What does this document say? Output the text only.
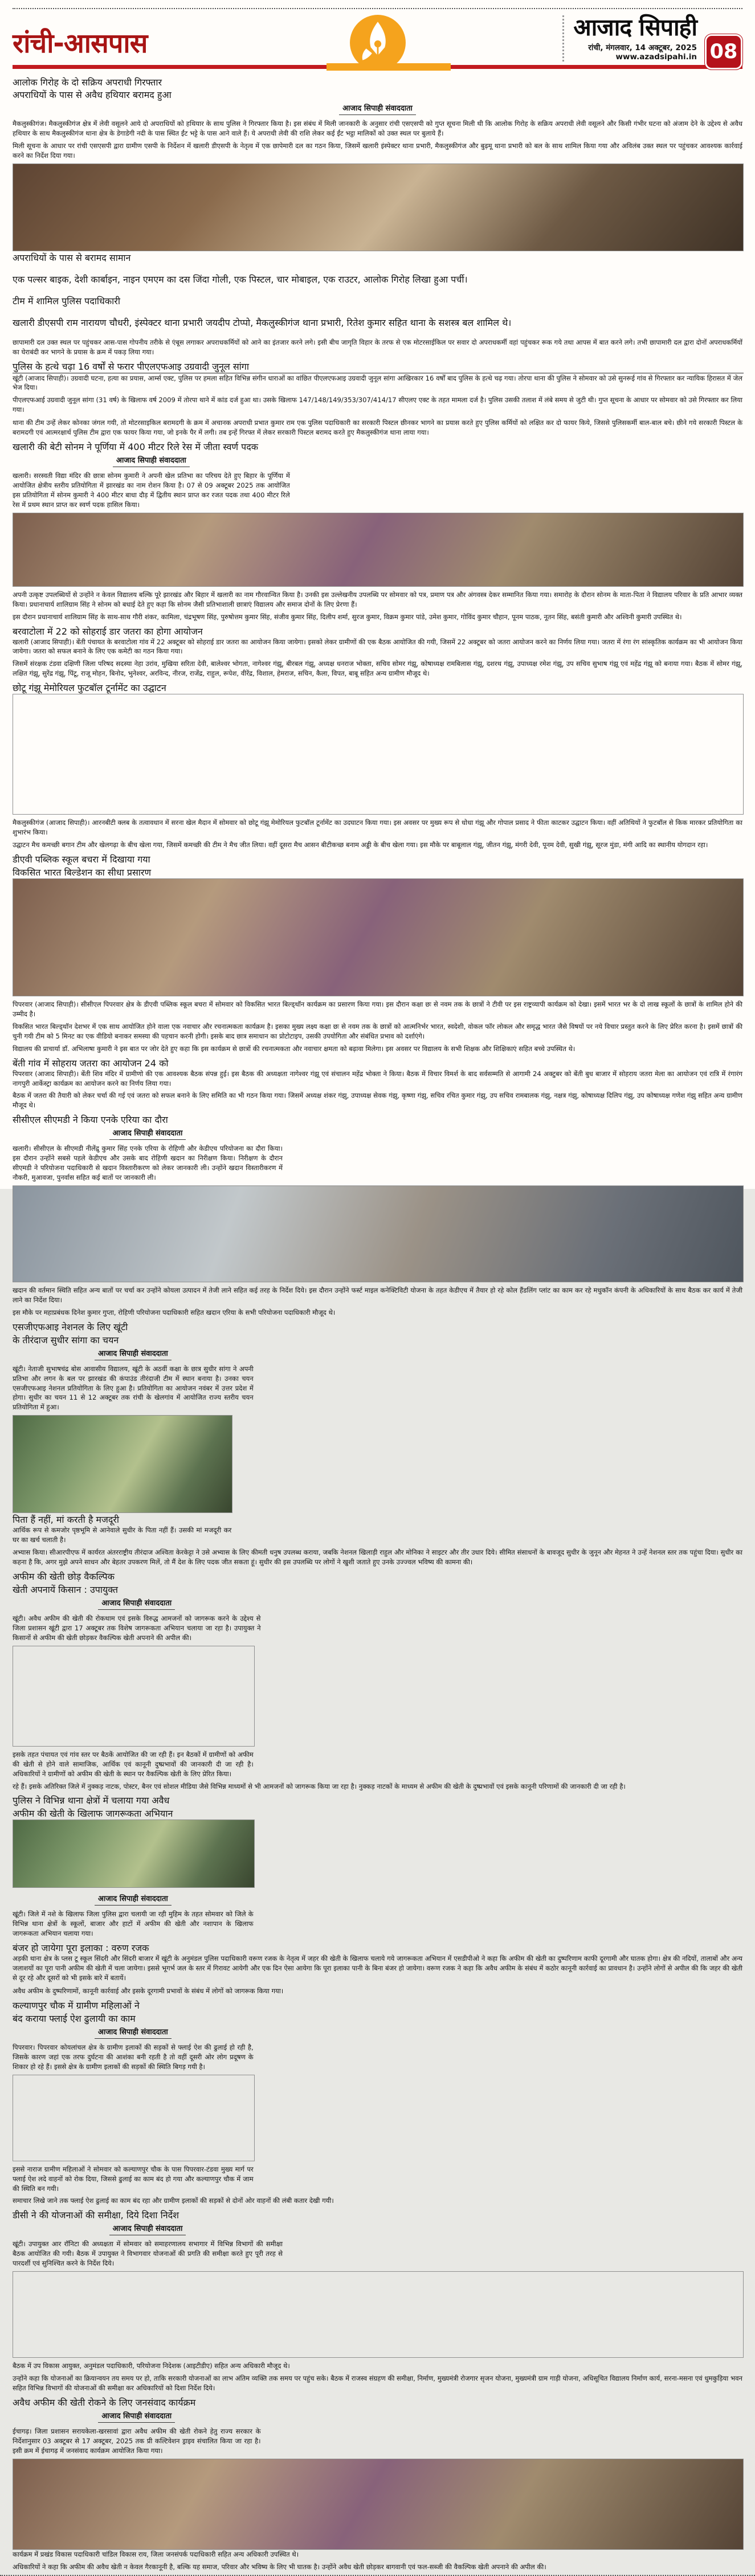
रांची-आसपास
आजाद सिपाही
रांची, मंगलवार, 14 अक्टूबर, 2025
www.azadsipahi.in 08
आलोक गिरोह के दो सक्रिय अपराधी गिरफ्तार
अपराधियों के पास से अवैध हथियार बरामद हुआ
आजाद सिपाही संवाददाता

मैकलुस्कीगंज। मैकलुस्कीगंज क्षेत्र में लेवी वसूलने आये दो अपराधियों को हथियार के साथ पुलिस ने गिरफ्तार किया है। इस संबंध में मिली जानकारी के अनुसार रांची एसएसपी को गुप्त सूचना मिली थी कि आलोक गिरोह के सक्रिय अपराधी लेवी वसूलने और किसी गंभीर घटना को अंजाम देने के उद्देश्य से अवैध हथियार के साथ मैकलुस्कीगंज थाना क्षेत्र के डेगाडेगी नदी के पास स्थित ईंट भट्टे के पास आने वाले हैं। ये अपराधी लेवी की राशि लेकर कई ईंट भट्ठा मालिकों को उक्त स्थल पर बुलाये हैं।

मिली सूचना के आधार पर रांची एसएसपी द्वारा ग्रामीण एसपी के निर्देशन में खलारी डीएसपी के नेतृत्व में एक छापेमारी दल का गठन किया, जिसमें खलारी इंस्पेक्टर थाना प्रभारी, मैकलुस्कीगंज और बुढ़मू थाना प्रभारी को बल के साथ शामिल किया गया और अविलंब उक्त स्थल पर पहुंचकर आवश्यक कार्रवाई करने का निर्देश दिया गया।

अपराधियों के पास से बरामद सामान

एक पल्सर बाइक, देशी कार्बाइन, नाइन एमएम का दस जिंदा गोली, एक पिस्टल, चार मोबाइल, एक राउटर, आलोक गिरोह लिखा हुआ पर्ची।

टीम में शामिल पुलिस पदाधिकारी

खलारी डीएसपी राम नारायण चौधरी, इंस्पेक्टर थाना प्रभारी जयदीप टोप्पो, मैकलुस्कीगंज थाना प्रभारी, रितेश कुमार सहित थाना के सशस्त्र बल शामिल थे।

छापामारी दल उक्त स्थल पर पहुंचकर आस-पास गोपनीय तरीके से एंबूस लगाकर अपराधकर्मियों को आने का इंतजार करने लगे। इसी बीच जागृति विहार के तरफ से एक मोटरसाईकिल पर सवार दो अपराधकर्मी वहां पहुंचकर रूक गये तथा आपस में बात करने लगे। तभी छापामारी दल द्वारा दोनों अपराधकर्मियों का घेराबंदी कर भागने के प्रयास के क्रम में पकड़ लिया गया।

पुलिस के हत्थे चढ़ा 16 वर्षों से फरार पीएलएफआइ उग्रवादी जुनूल सांगा

खूंटी (आजाद सिपाही)। उग्रवादी घटना, हत्या का प्रयास, आर्म्स एक्ट, पुलिस पर हमला सहित विभिन्न संगीन धाराओं का वांछित पीएलएफआइ उग्रवादी जुनूल सांगा आखिरकार 16 वर्षों बाद पुलिस के हत्थे चढ़ गया। तोरपा थाना की पुलिस ने सोमवार को उसे सुनरूई गांव से गिरफ्तार कर न्यायिक हिरासत में जेल भेज दिया।

पीएलएफआई उग्रवादी जुनूल सांगा (31 वर्ष) के खिलाफ वर्ष 2009 में तोरपा थाने में कांड दर्ज हुआ था। उसके खिलाफ 147/148/149/353/307/414/17 सीएलए एक्ट के तहत मामला दर्ज है। पुलिस उसकी तलाश में लंबे समय से जुटी थी। गुप्त सूचना के आधार पर सोमवार को उसे गिरफ्तार कर लिया गया।

थाना की टीम उन्हें लेकर कोनका जंगल गयी, तो मोटरसाइकिल बरामदगी के क्रम में अचानक अपराधी प्रभात कुमार राम एक पुलिस पदाधिकारी का सरकारी पिस्टल छीनकर भागने का प्रयास करते हुए पुलिस कर्मियों को लक्षित कर दो फायर किये, जिससे पुलिसकर्मी बाल-बाल बचे। छीने गये सरकारी पिस्टल के बरामदगी एवं आत्मरक्षार्थ पुलिस टीम द्वारा एक फायर किया गया, जो इनके पैर में लगी। तब इन्हें गिरफ्त में लेकर सरकारी पिस्टल बरामद करते हुए मैकलुस्कीगंज थाना लाया गया।

खलारी की बेटी सोनम ने पूर्णिया में 400 मीटर रिले रेस में जीता स्वर्ण पदक
आजाद सिपाही संवाददाता

खलारी। सरस्वती विद्या मंदिर की छात्रा सोनम कुमारी ने अपनी खेल प्रतिभा का परिचय देते हुए बिहार के पूर्णिया में आयोजित क्षेत्रीय स्तरीय प्रतियोगिता में झारखंड का नाम रोशन किया है। 07 से 09 अक्टूबर 2025 तक आयोजित इस प्रतियोगिता में सोनम कुमारी ने 400 मीटर बाधा दौड़ में द्वितीय स्थान प्राप्त कर रजत पदक तथा 400 मीटर रिले रेस में प्रथम स्थान प्राप्त कर स्वर्ण पदक हासिल किया।

अपनी उत्कृष्ट उपलब्धियों से उन्होंने न केवल विद्यालय बल्कि पूरे झारखंड और बिहार में खलारी का नाम गौरवान्वित किया है। उनकी इस उल्लेखनीय उपलब्धि पर सोमवार को पत्र, प्रमाण पत्र और अंगवस्त्र देकर सम्मानित किया गया। समारोह के दौरान सोनम के माता-पिता ने विद्यालय परिवार के प्रति आभार व्यक्त किया। प्रधानाचार्य शालिग्राम सिंह ने सोनम को बधाई देते हुए कहा कि सोनम जैसी प्रतिभाशाली छात्राएं विद्यालय और समाज दोनों के लिए प्रेरणा हैं।

इस दौरान प्रधानाचार्य शालिग्राम सिंह के साथ-साथ गौरी शंकर, कामिला, चंद्रभूषण सिंह, पुरुषोत्तम कुमार सिंह, संजीव कुमार सिंह, दिलीप शर्मा, सुरज कुमार, विक्रम कुमार पांडे, उमेश कुमार, गोविंद कुमार चौहान, पूनम पाठक, नूतन सिंह, बसंती कुमारी और अश्विनी कुमारी उपस्थित थे।

बरवाटोला में 22 को सोहराई डार जतरा का होगा आयोजन

खलारी (आजाद सिपाही)। बेंती पंचायत के बरवाटोला गांव में 22 अक्टूबर को सोहराई डार जतरा का आयोजन किया जायेगा। इसको लेकर ग्रामीणों की एक बैठक आयोजित की गयी, जिसमें 22 अक्टूबर को जतरा आयोजन करने का निर्णय लिया गया। जतरा में रंगा रंग सांस्कृतिक कार्यक्रम का भी आयोजन किया जायेगा। जतरा को सफल बनाने के लिए एक कमेटी का गठन किया गया।

जिसमें संरक्षक टंडवा दक्षिणी जिला परिषद सदस्या नेहा उरांव, मुखिया सरिता देवी, बालेश्वर भोगता, नागेश्वर गंझू, बीरबल गंझू, अध्यक्ष धनराज भोक्ता, सचिव सोमर गंझू, कोषाध्यक्ष रामबिलास गंझू, दशरथ गंझू, उपाध्यक्ष रमेश गंझू, उप सचिव सुभाष गंझू एवं महेंद्र गंझू को बनाया गया। बैठक में सोमर गंझू, लक्षित गंझू, सुरेंद्र गंझू, पिंटू, राजू मोहन, बिनोद, भुनेश्वर, अरविन्द, नीरज, राजेंद्र, राहुल, रूपेश, वीरेंद्र, विशाल, हेमराज, सचिन, कैला, विपत, बाबू सहित अन्य ग्रामीण मौजूद थे।

छोटू गंझू मेमोरियल फुटबॉल टूर्नामेंट का उद्घाटन

मैकलुस्कीगंज (आजाद सिपाही)। आरनबीटी क्लब के तत्वावधान में सरना खेल मैदान में सोमवार को छोटू गंझू मेमोरियल फुटबॉल टूर्नामेंट का उदघाटन किया गया। इस अवसर पर मुख्य रूप से धोधा गंझू और गोपाल प्रसाद ने फीता काटकर उद्घाटन किया। वहीं अतिथियों ने फुटबॉल से किक मारकर प्रतियोगिता का शुभारंभ किया।

उद्घाटन मैच कमच्छी बगान टीम और खेलगढ़ा के बीच खेला गया, जिसमें कमच्छी की टीम ने मैच जीत लिया। वहीं दूसरा मैच आसन बीटीकच्छ बनाम अड्डी के बीच खेला गया। इस मौके पर बाबूलाल गंझू, जीतन गंझू, मंगरी देवी, पूनम देवी, सुखी गंझू, सूरज मुंडा, मंगी आदि का स्थानीय योगदान रहा।

डीएवी पब्लिक स्कूल बचरा में दिखाया गया
विकसित भारत बिल्डेशन का सीधा प्रसारण

पिपरवार (आजाद सिपाही)। सीसीएल पिपरवार क्षेत्र के डीएवी पब्लिक स्कूल बचरा में सोमवार को विकसित भारत बिल्ड्थॉन कार्यक्रम का प्रसारण किया गया। इस दौरान कक्षा छः से नवम तक के छात्रों ने टीवी पर इस राष्ट्रव्यापी कार्यक्रम को देखा। इसमें भारत भर के दो लाख स्कूलों के छात्रों के शामिल होने की उम्मीद है।

विकसित भारत बिल्ड्थॉन देशभर में एक साथ आयोजित होने वाला एक नवाचार और रचनात्मकता कार्यक्रम है। इसका मुख्य लक्ष्य कक्षा छः से नवम तक के छात्रों को आत्मनिर्भर भारत, स्वदेशी, वोकल फॉर लोकल और समृद्ध भारत जैसे विषयों पर नये विचार प्रस्तुत करने के लिए प्रेरित करना है। इसमें छात्रों की चुनी गयी टीम को 5 मिनट का एक वीडियो बनाकर समस्या की पहचान करनी होगी। इसके बाद छात्र समाधान का प्रोटोटाइप, उसकी उपयोगिता और संबंधित प्रभाव को दर्शाएंगे।

विद्यालय की प्राचार्या डॉ. अभिलाषा कुमारी ने इस बात पर जोर देते हुए कहा कि इस कार्यक्रम से छात्रों की रचनात्मकता और नवाचार क्षमता को बढ़ावा मिलेगा। इस अवसर पर विद्यालय के सभी शिक्षक और शिक्षिकाएं सहित बच्चे उपस्थित थे।

बेंती गांव में सोहराय जतरा का आयोजन 24 को

पिपरवार (आजाद सिपाही)। बेंती शिव मंदिर में ग्रामीणो की एक आवश्यक बैठक संपन्न हुई। इस बैठक की अध्यक्षता नागेश्वर गंझू एवं संचालन महेंद्र भोक्ता ने किया। बैठक में विचार विमर्श के बाद सर्वसम्मति से आगामी 24 अक्टुबर को बेंती बुध बाजार में सोहराय जतरा मेला का आयोजन एवं रात्रि में रंगारंग नागपुरी आर्केस्ट्रा कार्यक्रम का आयोजन करने का निर्णय लिया गया।

बैठक में जतरा की तैयारी को लेकर चर्चा की गई एवं जतरा को सफल बनाने के लिए समिति का भी गठन किया गया। जिसमें अध्यक्ष शंकर गंझु, उपाध्यक्ष सेवक गंझु, कृष्णा गंझु, सचिव रचित कुमार गंझु, उप सचिव रामबालक गंझु, नक्षत्र गंझु, कोषाध्यक्ष दिलिप गंझु, उप कोषाध्यक्ष गणेश गंझु सहित अन्य ग्रामीण मौजूद थे।

सीसीएल सीएमडी ने किया एनके एरिया का दौरा
आजाद सिपाही संवाददाता

खलारी। सीसीएल के सीएमडी नीलेंद्रु कुमार सिंह एनके एरिया के रोहिणी और केडीएच परियोजना का दौरा किया। इस दौरान उन्होंने सबसे पहले केडीएच और उसके बाद रोहिणी खदान का निरीक्षण किया। निरीक्षण के दौरान सीएमडी ने परियोजना पदाधिकारी से खदान विस्तारीकरण को लेकर जानकारी ली। उन्होंने खदान विस्तारीकरण में नौकरी, मुआवजा, पुनर्वास सहित कई बातों पर जानकारी ली।

खदान की वर्तमान स्थिति सहित अन्य बातों पर चर्चा कर उन्होंने कोयला उत्पादन में तेजी लाने सहित कई तरह के निर्देश दिये। इस दौरान उन्होंने फर्स्ट माइल कनेक्टिविटी योजना के तहत केडीएच में तैयार हो रहे कोल हैंडलिंग प्लांट का काम कर रहे मधुकॉन कंपनी के अधिकारियों के साथ बैठक कर कार्य में तेजी लाने का निर्देश दिया।

इस मौके पर महाप्रबंधक दिनेश कुमार गुप्ता, रोहिणी परियोजना पदाधिकारी सहित खदान एरिया के सभी परियोजना पदाधिकारी मौजूद थे।

एसजीएफआइ नेशनल के लिए खूंटी
के तीरंदाज सुधीर सांगा का चयन
आजाद सिपाही संवाददाता

खूंटी। नेताजी सुभाषचंद्र बोस आवासीय विद्यालय, खूंटी के अठवीं कक्षा के छात्र सुधीर सांगा ने अपनी प्रतिभा और लगन के बल पर झारखंड की कंपाउंड तीरंदाजी टीम में स्थान बनाया है। उनका चयन एसजीएफआइ नेशनल प्रतियोगिता के लिए हुआ है। प्रतियोगिता का आयोजन नवंबर में उत्तर प्रदेश में होगा। सुधीर का चयन 11 से 12 अक्टूबर तक रांची के खेलगांव में आयोजित राज्य स्तरीय चयन प्रतियोगिता में हुआ।

पिता हैं नहीं, मां करती है मजदूरी

आर्थिक रूप से कमजोर पृष्ठभूमि से आनेवाले सुधीर के पिता नहीं हैं। उसकी मां मजदूरी कर घर का खर्च चलाती है।

अभ्यास किया। सीआरपीएफ में कार्यरत अंतरराष्ट्रीय तीरंदाज अश्विता केरकेट्टा ने उसे अभ्यास के लिए कीमती धनुष उपलब्ध कराया, जबकि नेशनल खिलाड़ी राहुल और मोनिका ने साइटर और तीर उधार दिये। सीमित संसाधनों के बावजूद सुधीर के जुनून और मेहनत ने उन्हें नेशनल स्तर तक पहुंचा दिया। सुधीर का कहना है कि, अगर मुझे अपने साधन और बेहतर उपकरण मिलें, तो मैं देश के लिए पदक जीत सकता हूं। सुधीर की इस उपलब्धि पर लोगों ने खुशी जताते हुए उनके उज्ज्वल भविष्य की कामना की।

अफीम की खेती छोड़ वैकल्पिक
खेती अपनायें किसान : उपायुक्त
आजाद सिपाही संवाददाता

खूंटी। अवैध अफीम की खेती की रोकथाम एवं इसके विरुद्ध आमजनों को जागरूक करने के उद्देश्य से जिला प्रशासन खूंटी द्वारा 17 अक्टूबर तक विशेष जागरूकता अभियान चलाया जा रहा है। उपायुक्त ने किसानों से अफीम की खेती छोड़कर वैकल्पिक खेती अपनाने की अपील की।

इसके तहत पंचायत एवं गांव स्तर पर बैठकें आयोजित की जा रही हैं। इन बैठकों में ग्रामीणों को अफीम की खेती से होने वाले सामाजिक, आर्थिक एवं कानूनी दुष्प्रभावों की जानकारी दी जा रही है। अधिकारियों ने ग्रामीणों को अफीम की खेती के स्थान पर वैकल्पिक खेती के लिए प्रेरित किया।

रहे हैं। इसके अतिरिक्त जिले में नुक्कड़ नाटक, पोस्टर, बैनर एवं सोशल मीडिया जैसे विभिन्न माध्यमों से भी आमजनों को जागरूक किया जा रहा है। नुक्कड़ नाटकों के माध्यम से अफीम की खेती के दुष्प्रभावों एवं इसके कानूनी परिणामों की जानकारी दी जा रही है।

पुलिस ने विभिन्न थाना क्षेत्रों में चलाया गया अवैध
अफीम की खेती के खिलाफ जागरूकता अभियान
आजाद सिपाही संवाददाता

खूंटी। जिले में नशे के खिलाफ जिला पुलिस द्वारा चलायी जा रही मुहिम के तहत सोमवार को जिले के विभिन्न थाना क्षेत्रों के स्कूलों, बाजार और हाटों में अफीम की खेती और नशापान के खिलाफ जागरूकता अभियान चलाया गया।

बंजर हो जायेगा पूरा इलाका : वरुण रजक

अड़की थाना क्षेत्र के प्लस टू स्कूल सिंदरी और सिंदरी बाजार में खूंटी के अनुमंडल पुलिस पदाधिकारी वरूण रजक के नेतृत्व में जहर की खेती के खिलाफ चलाये गये जागरूकता अभियान में एसडीपीओ ने कहा कि अफीम की खेती का दुष्परिणाम काफी दूरगामी और घातक होगा। क्षेत्र की नदियों, तालाबों और अन्य जलाशयों का पूरा पानी अफीम की खेती में चला जायेगा। इससे भूगर्भ जल के स्तर में गिरावट आयेगी और एक दिन ऐसा आयेगा कि पूरा इलाका पानी के बिना बंजर हो जायेगा। वरूण रजक ने कहा कि अवैध अफीम के संबंध में कठोर कानूनी कार्रवाई का प्रावधान है। उन्होंने लोगों से अपील की कि जहर की खेती से दूर रहे और दूसरों को भी इसके बारे में बतायें।

अवैध अफीम के दुष्परिणामों, कानूनी कार्रवाई और इसके दूरगामी प्रभावों के संबंध में लोगों को जागरूक किया गया।

कल्याणपुर चौक में ग्रामीण महिलाओं ने
बंद कराया फ्लाई ऐश ढुलायी का काम
आजाद सिपाही संवाददाता

पिपरवार। पिपरवार कोयलांचल क्षेत्र के ग्रामीण इलाकों की सड़कों से फ्लाई ऐश की ढुलाई हो रही है, जिसके कारण जहां एक तरफ दुर्घटना की आशंका बनी रहती है तो वहीं दूसरी ओर लोग प्रदूषण के शिकार हो रहे हैं। इससे क्षेत्र के ग्रामीण इलाकों की सड़कों की स्थिति बिगड़ गयी है।

इससे नाराज ग्रामीण महिलाओं ने सोमवार को कल्याणपुर चौक के पास पिपरवार-टंडवा मुख्य मार्ग पर फ्लाई ऐश लदे वाहनों को रोक दिया, जिससे ढुलाई का काम बंद हो गया और कल्याणपुर चौक में जाम की स्थिति बन गयी।

समाचार लिखे जाने तक फ्लाई ऐश ढुलाई का काम बंद रहा और ग्रामीण इलाकों की सड़कों से दोनों ओर वाहनों की लंबी कतार देखी गयी।

डीसी ने की योजनाओं की समीक्षा, दिये दिशा निर्देश
आजाद सिपाही संवाददाता

खूंटी। उपायुक्त आर रॉनिटा की अध्यक्षता में सोमवार को समाहरणालय सभागार में विभिन्न विभागों की समीक्षा बैठक आयोजित की गयी। बैठक में उपायुक्त ने विभागवार योजनाओं की प्रगति की समीक्षा करते हुए पूरी तरह से पारदर्शी एवं सुनिश्चित करने के निर्देश दिये।

बैठक में उप विकास आयुक्त, अनुमंडल पदाधिकारी, परियोजना निदेशक (आइटीडीए) सहित अन्य अधिकारी मौजूद थे।

उन्होंने कहा कि योजनाओं का क्रियान्वयन तय समय पर हो, ताकि सरकारी योजनाओं का लाभ अंतिम व्यक्ति तक समय पर पहुंच सके। बैठक में राजस्व संग्रहण की समीक्षा, निर्माण, मुख्यमंत्री रोजगार सृजन योजना, मुख्यमंत्री ग्राम गाड़ी योजना, अधिसूचित विद्यालय निर्माण कार्य, सरना-मसना एवं धुमकुड़िया भवन सहित विभिन्न विभागों की योजनाओं की समीक्षा कर अधिकारियों को दिशा निर्देश दिये।

अवैध अफीम की खेती रोकने के लिए जनसंवाद कार्यक्रम
आजाद सिपाही संवाददाता

ईचागढ़। जिला प्रशासन सरायकेला-खरसावां द्वारा अवैध अफीम की खेती रोकने हेतु राज्य सरकार के निर्देशानुसार 03 अक्टूबर से 17 अक्टूबर, 2025 तक प्री कल्टिवेशन ड्राइव संचालित किया जा रहा है। इसी क्रम में ईचागढ़ में जनसंवाद कार्यक्रम आयोजित किया गया।

कार्यक्रम में प्रखंड विकास पदाधिकारी चांडिल विकास राय, जिला जनसंपर्क पदाधिकारी सहित अन्य अधिकारी उपस्थित थे।

अधिकारियों ने कहा कि अफीम की अवैध खेती न केवल गैरकानूनी है, बल्कि यह समाज, परिवार और भविष्य के लिए भी घातक है। उन्होंने अवैध खेती छोड़कर बागवानी एवं फल-सब्जी की वैकल्पिक खेती अपनाने की अपील की।
